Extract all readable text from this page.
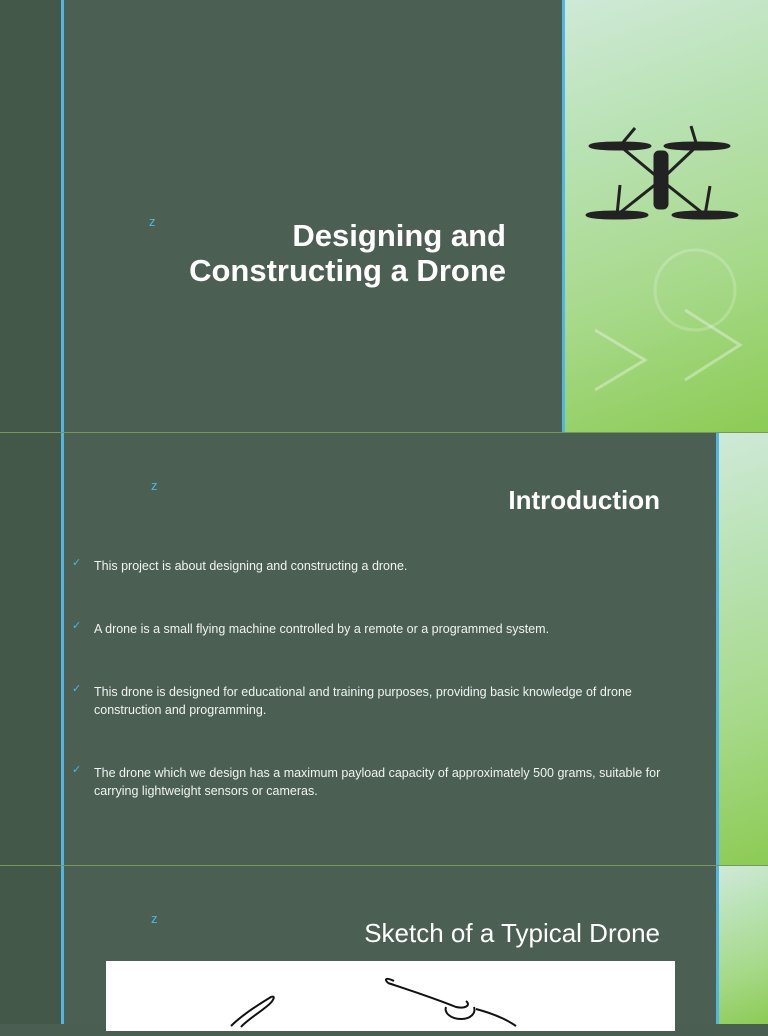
z	Designing and
Constructing a Drone
z	Introduction
✓ This project is about designing and constructing a drone.
✓ A drone is a small flying machine controlled by a remote or a programmed system.
✓ This drone is designed for educational and training purposes, providing basic knowledge of drone construction and programming.
✓ The drone which we design has a maximum payload capacity of approximately 500 grams, suitable for carrying lightweight sensors or cameras.
z	Sketch of a Typical Drone
